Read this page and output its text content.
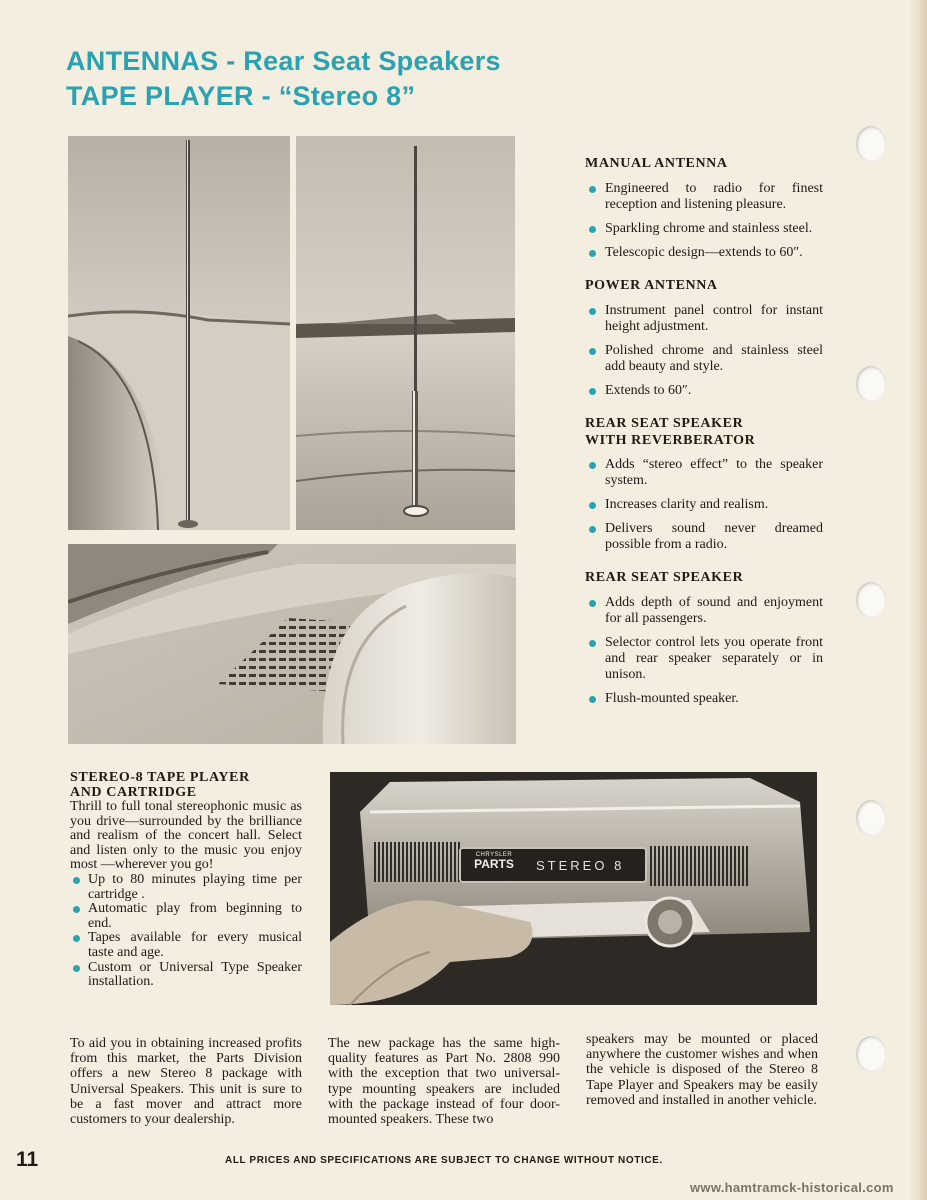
ANTENNAS - Rear Seat Speakers
TAPE PLAYER - “Stereo 8”

MANUAL ANTENNA

Engineered to radio for finest reception and listening pleasure.

Sparkling chrome and stainless steel.

Telescopic design—extends to 60″.

POWER ANTENNA

Instrument panel control for instant height adjustment.

Polished chrome and stainless steel add beauty and style.

Extends to 60″.

REAR SEAT SPEAKER

WITH REVERBERATOR

Adds “stereo effect” to the speaker system.

Increases clarity and realism.

Delivers sound never dreamed possible from a radio.

REAR SEAT SPEAKER

Adds depth of sound and enjoyment for all passengers.

Selector control lets you operate front and rear speaker separately or in unison.

Flush-mounted speaker.

STEREO-8 TAPE PLAYER

AND CARTRIDGE

Thrill to full tonal stereophonic music as you drive—surrounded by the brilliance and realism of the concert hall. Select and listen only to the music you enjoy most —wherever you go!

Up to 80 minutes playing time per cartridge .

Automatic play from beginning to end.

Tapes available for every musical taste and age.

Custom or Universal Type Speaker installation.

CHRYSLER
PARTS	STEREO 8
To aid you in obtaining increased profits from this market, the Parts Division offers a new Stereo 8 package with Universal Speakers. This unit is sure to be a fast mover and attract more customers to your dealership.
The new package has the same high-quality features as Part No. 2808 990 with the exception that two universal-type mounting speakers are included with the package instead of four door-mounted speakers. These two
speakers may be mounted or placed anywhere the customer wishes and when the vehicle is disposed of the Stereo 8 Tape Player and Speakers may be easily removed and installed in another vehicle.
11	ALL PRICES AND SPECIFICATIONS ARE SUBJECT TO CHANGE WITHOUT NOTICE.
www.hamtramck-historical.com
